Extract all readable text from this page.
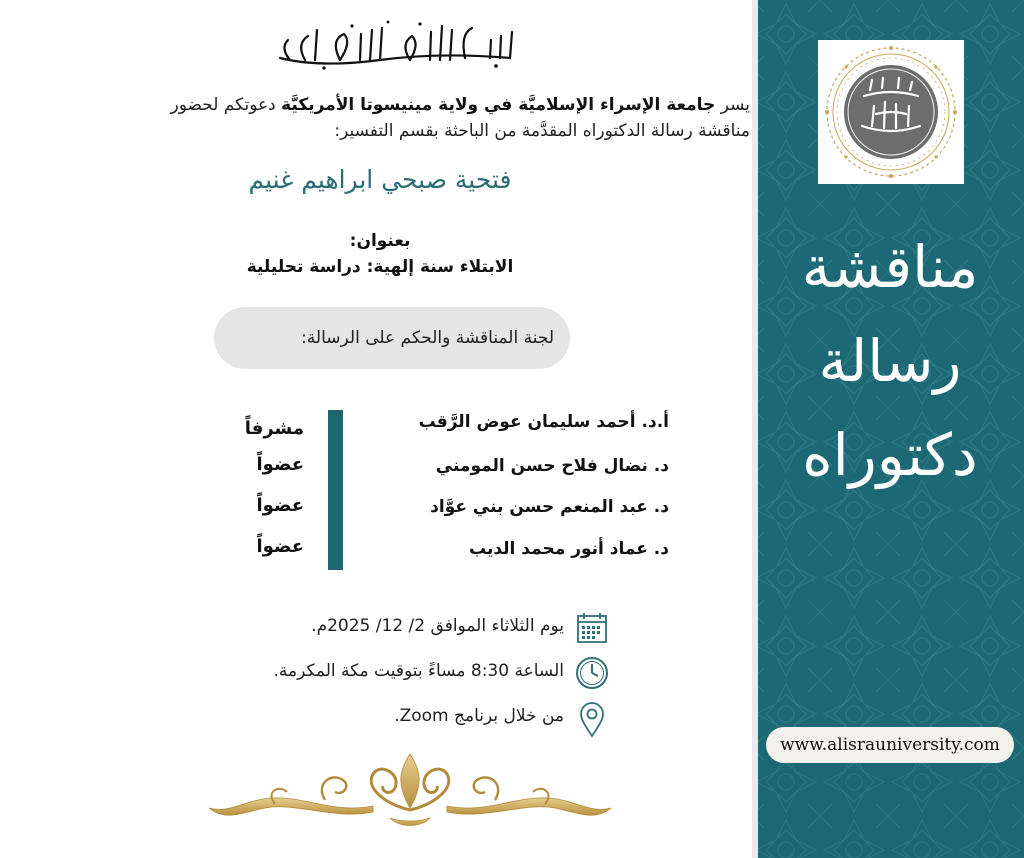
يسر جامعة الإسراء الإسلاميَّة في ولاية مينيسوتا الأمريكيَّة دعوتكم لحضور
مناقشة رسالة الدكتوراه المقدَّمة من الباحثة بقسم التفسير:
فتحية صبحي ابراهيم غنيم
بعنوان:
الابتلاء سنة إلهية: دراسة تحليلية
لجنة المناقشة والحكم على الرسالة:
أ.د. أحمد سليمان عوض الرَّقب
مشرفاً
د. نضال فلاح حسن المومني
عضواً
د. عبد المنعم حسن بني عوَّاد
عضواً
د. عماد أنور محمد الديب
عضواً
يوم الثلاثاء الموافق 2/ 12/ 2025م.
الساعة 8:30 مساءً بتوقيت مكة المكرمة.
من خلال برنامج Zoom.
مناقشة
رسالة
دكتوراه
www.alisrauniversity.com
